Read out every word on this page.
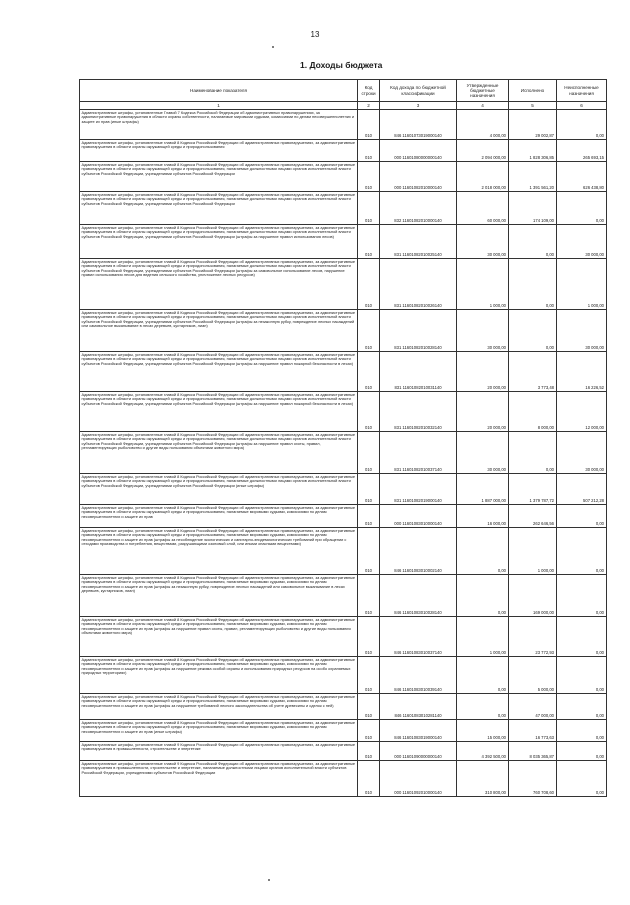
13
1. Доходы бюджета
Наименование показателя	Код строки	Код дохода по бюджетной классификации	Утвержденные бюджетные назначения	Исполнено	Неисполненные назначения
1	2	3	4	5	6
Административные штрафы, установленные Главой 7 Кодекса Российской Федерации об административных правонарушениях, за административные правонарушения в области охраны собственности, налагаемые мировыми судьями, комиссиями по делам несовершеннолетних и защите их прав (иные штрафы)	010	846 11601073019000140	4 000,00	29 002,87	0,00
Административные штрафы, установленные главой 8 Кодекса Российской Федерации об административных правонарушениях, за административные правонарушения в области охраны окружающей среды и природопользования	010	000 11601080000000140	2 094 000,00	1 828 306,85	265 693,15
Административные штрафы, установленные главой 8 Кодекса Российской Федерации об административных правонарушениях, за административные правонарушения в области охраны окружающей среды и природопользования, налагаемые должностными лицами органов исполнительной власти субъектов Российской Федерации, учреждениями субъектов Российской Федерации	010	000 11601082010000140	2 018 000,00	1 391 561,20	626 438,80
Административные штрафы, установленные главой 8 Кодекса Российской Федерации об административных правонарушениях, за административные правонарушения в области охраны окружающей среды и природопользования, налагаемые должностными лицами органов исполнительной власти субъектов Российской Федерации, учреждениями субъектов Российской Федерации	010	832 11601082010000140	60 000,00	174 109,00	0,00
Административные штрафы, установленные главой 8 Кодекса Российской Федерации об административных правонарушениях, за административные правонарушения в области охраны окружающей среды и природопользования, налагаемые должностными лицами органов исполнительной власти субъектов Российской Федерации, учреждениями субъектов Российской Федерации (штрафы за нарушение правил использования лесов)	010	831 11601082010025140	30 000,00	0,00	30 000,00
Административные штрафы, установленные главой 8 Кодекса Российской Федерации об административных правонарушениях, за административные правонарушения в области охраны окружающей среды и природопользования, налагаемые должностными лицами органов исполнительной власти субъектов Российской Федерации, учреждениями субъектов Российской Федерации (штрафы за самовольное использование лесов, нарушение правил использования лесов для ведения сельского хозяйства, уничтожение лесных ресурсов)	010	831 11601082010026140	1 000,00	0,00	1 000,00
Административные штрафы, установленные главой 8 Кодекса Российской Федерации об административных правонарушениях, за административные правонарушения в области охраны окружающей среды и природопользования, налагаемые должностными лицами органов исполнительной власти субъектов Российской Федерации, учреждениями субъектов Российской Федерации (штрафы за незаконную рубку, повреждение лесных насаждений или самовольное выкапывание в лесах деревьев, кустарников, лиан)	010	831 11601082010028140	30 000,00	0,00	30 000,00
Административные штрафы, установленные главой 8 Кодекса Российской Федерации об административных правонарушениях, за административные правонарушения в области охраны окружающей среды и природопользования, налагаемые должностными лицами органов исполнительной власти субъектов Российской Федерации, учреждениями субъектов Российской Федерации (штрафы за нарушение правил пожарной безопасности в лесах)	010	831 11601082010031140	20 000,00	3 773,48	16 226,52
Административные штрафы, установленные главой 8 Кодекса Российской Федерации об административных правонарушениях, за административные правонарушения в области охраны окружающей среды и природопользования, налагаемые должностными лицами органов исполнительной власти субъектов Российской Федерации, учреждениями субъектов Российской Федерации (штрафы за нарушение правил пожарной безопасности в лесах)	010	831 11601082010032140	20 000,00	8 000,00	12 000,00
Административные штрафы, установленные главой 8 Кодекса Российской Федерации об административных правонарушениях, за административные правонарушения в области охраны окружающей среды и природопользования, налагаемые должностными лицами органов исполнительной власти субъектов Российской Федерации, учреждениями субъектов Российской Федерации (штрафы за нарушение правил охоты, правил, регламентирующих рыболовство и другие виды пользования объектами животного мира)	010	831 11601082010037140	30 000,00	0,00	30 000,00
Административные штрафы, установленные главой 8 Кодекса Российской Федерации об административных правонарушениях, за административные правонарушения в области охраны окружающей среды и природопользования, налагаемые должностными лицами органов исполнительной власти субъектов Российской Федерации, учреждениями субъектов Российской Федерации (иные штрафы)	010	831 11601082019000140	1 887 000,00	1 379 787,72	507 212,28
Административные штрафы, установленные главой 8 Кодекса Российской Федерации об административных правонарушениях, за административные правонарушения в области охраны окружающей среды и природопользования, налагаемые мировыми судьями, комиссиями по делам несовершеннолетних и защите их прав	010	000 11601083010000140	16 000,00	262 646,56	0,00
Административные штрафы, установленные главой 8 Кодекса Российской Федерации об административных правонарушениях, за административные правонарушения в области охраны окружающей среды и природопользования, налагаемые мировыми судьями, комиссиями по делам несовершеннолетних и защите их прав (штрафы за несоблюдение экологических и санитарно-эпидемиологических требований при обращении с отходами производства и потребления, веществами, разрушающими озоновый слой, или иными опасными веществами)	010	846 11601083010002140	0,00	1 000,00	0,00
Административные штрафы, установленные главой 8 Кодекса Российской Федерации об административных правонарушениях, за административные правонарушения в области охраны окружающей среды и природопользования, налагаемые мировыми судьями, комиссиями по делам несовершеннолетних и защите их прав (штрафы за незаконную рубку, повреждение лесных насаждений или самовольное выкапывание в лесах деревьев, кустарников, лиан)	010	846 11601083010028140	0,00	169 000,00	0,00
Административные штрафы, установленные главой 8 Кодекса Российской Федерации об административных правонарушениях, за административные правонарушения в области охраны окружающей среды и природопользования, налагаемые мировыми судьями, комиссиями по делам несовершеннолетних и защите их прав (штрафы за нарушение правил охоты, правил, регламентирующих рыболовство и другие виды пользования объектами животного мира)	010	846 11601083010037140	1 000,00	23 772,93	0,00
Административные штрафы, установленные главой 8 Кодекса Российской Федерации об административных правонарушениях, за административные правонарушения в области охраны окружающей среды и природопользования, налагаемые мировыми судьями, комиссиями по делам несовершеннолетних и защите их прав (штрафы за нарушение режима особой охраны и использования природных ресурсов на особо охраняемых природных территориях)	010	846 11601083010039140	0,00	5 000,00	0,00
Административные штрафы, установленные главой 8 Кодекса Российской Федерации об административных правонарушениях, за административные правонарушения в области охраны окружающей среды и природопользования, налагаемые мировыми судьями, комиссиями по делам несовершеннолетних и защите их прав (штрафы за нарушение требований лесного законодательства об учете древесины и сделок с ней)	010	846 11601083010281140	0,00	47 000,00	0,00
Административные штрафы, установленные главой 8 Кодекса Российской Федерации об административных правонарушениях, за административные правонарушения в области охраны окружающей среды и природопользования, налагаемые мировыми судьями, комиссиями по делам несовершеннолетних и защите их прав (иные штрафы)	010	846 11601083019000140	15 000,00	16 773,63	0,00
Административные штрафы, установленные главой 9 Кодекса Российской Федерации об административных правонарушениях, за административные правонарушения в промышленности, строительстве и энергетике	010	000 11601090000000140	4 392 500,00	8 035 365,87	0,00
Административные штрафы, установленные главой 9 Кодекса Российской Федерации об административных правонарушениях, за административные правонарушения в промышленности, строительстве и энергетике, налагаемые должностными лицами органов исполнительной власти субъектов Российской Федерации, учреждениями субъектов Российской Федерации	010	000 11601092010000140	310 800,00	760 708,60	0,00
